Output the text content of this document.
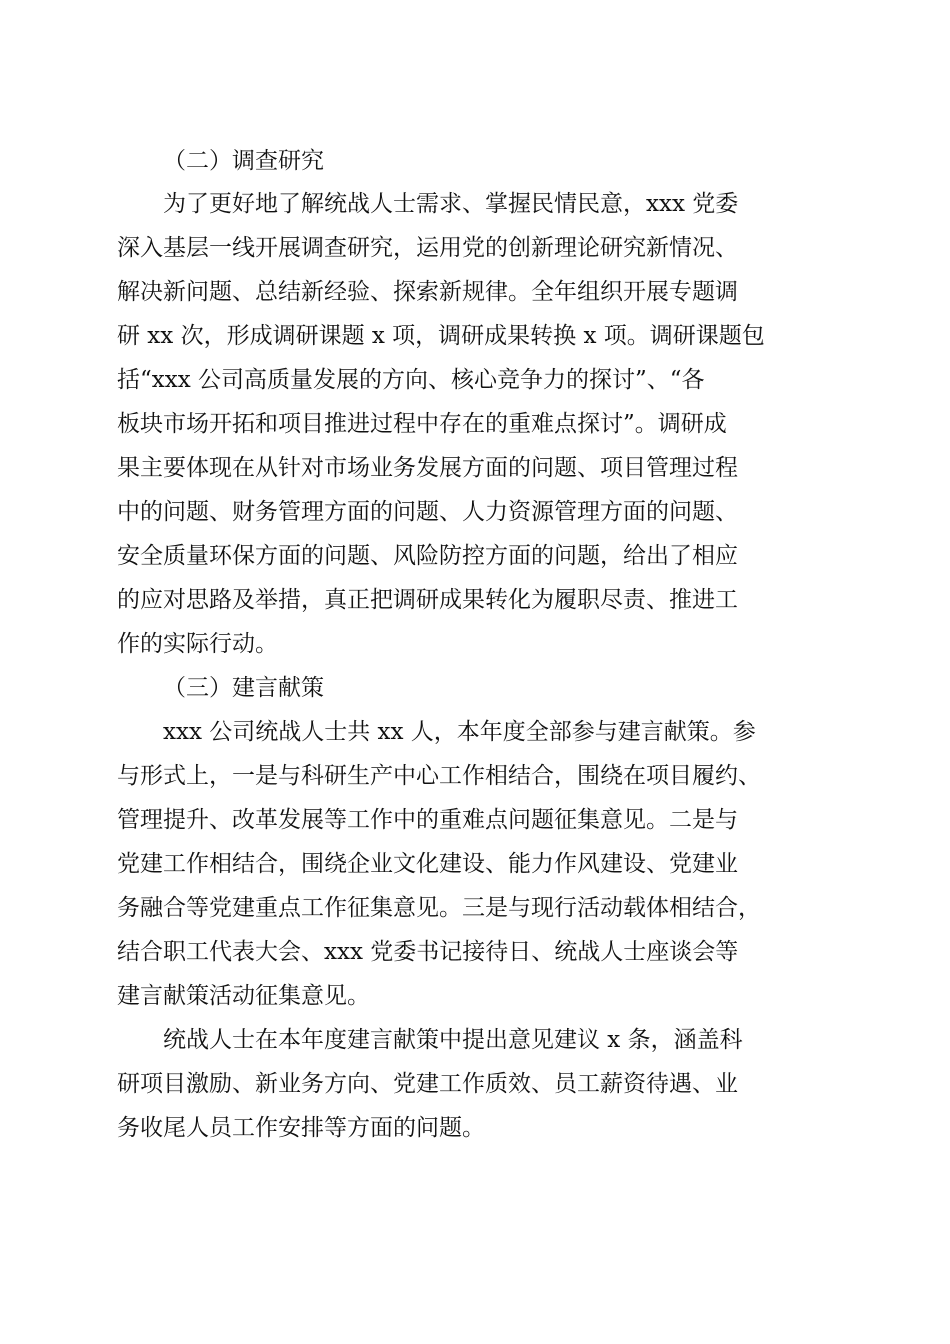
（二）调查研究
为了更好地了解统战人士需求、掌握民情民意，xxx 党委
深入基层一线开展调查研究，运用党的创新理论研究新情况、
解决新问题、总结新经验、探索新规律。全年组织开展专题调
研 xx 次，形成调研课题 x 项，调研成果转换 x 项。调研课题包
括“xxx 公司高质量发展的方向、核心竞争力的探讨”、“各
板块市场开拓和项目推进过程中存在的重难点探讨”。调研成
果主要体现在从针对市场业务发展方面的问题、项目管理过程
中的问题、财务管理方面的问题、人力资源管理方面的问题、
安全质量环保方面的问题、风险防控方面的问题，给出了相应
的应对思路及举措，真正把调研成果转化为履职尽责、推进工
作的实际行动。
（三）建言献策
xxx 公司统战人士共 xx 人，本年度全部参与建言献策。参
与形式上，一是与科研生产中心工作相结合，围绕在项目履约、
管理提升、改革发展等工作中的重难点问题征集意见。二是与
党建工作相结合，围绕企业文化建设、能力作风建设、党建业
务融合等党建重点工作征集意见。三是与现行活动载体相结合，
结合职工代表大会、xxx 党委书记接待日、统战人士座谈会等
建言献策活动征集意见。
统战人士在本年度建言献策中提出意见建议 x 条，涵盖科
研项目激励、新业务方向、党建工作质效、员工薪资待遇、业
务收尾人员工作安排等方面的问题。
